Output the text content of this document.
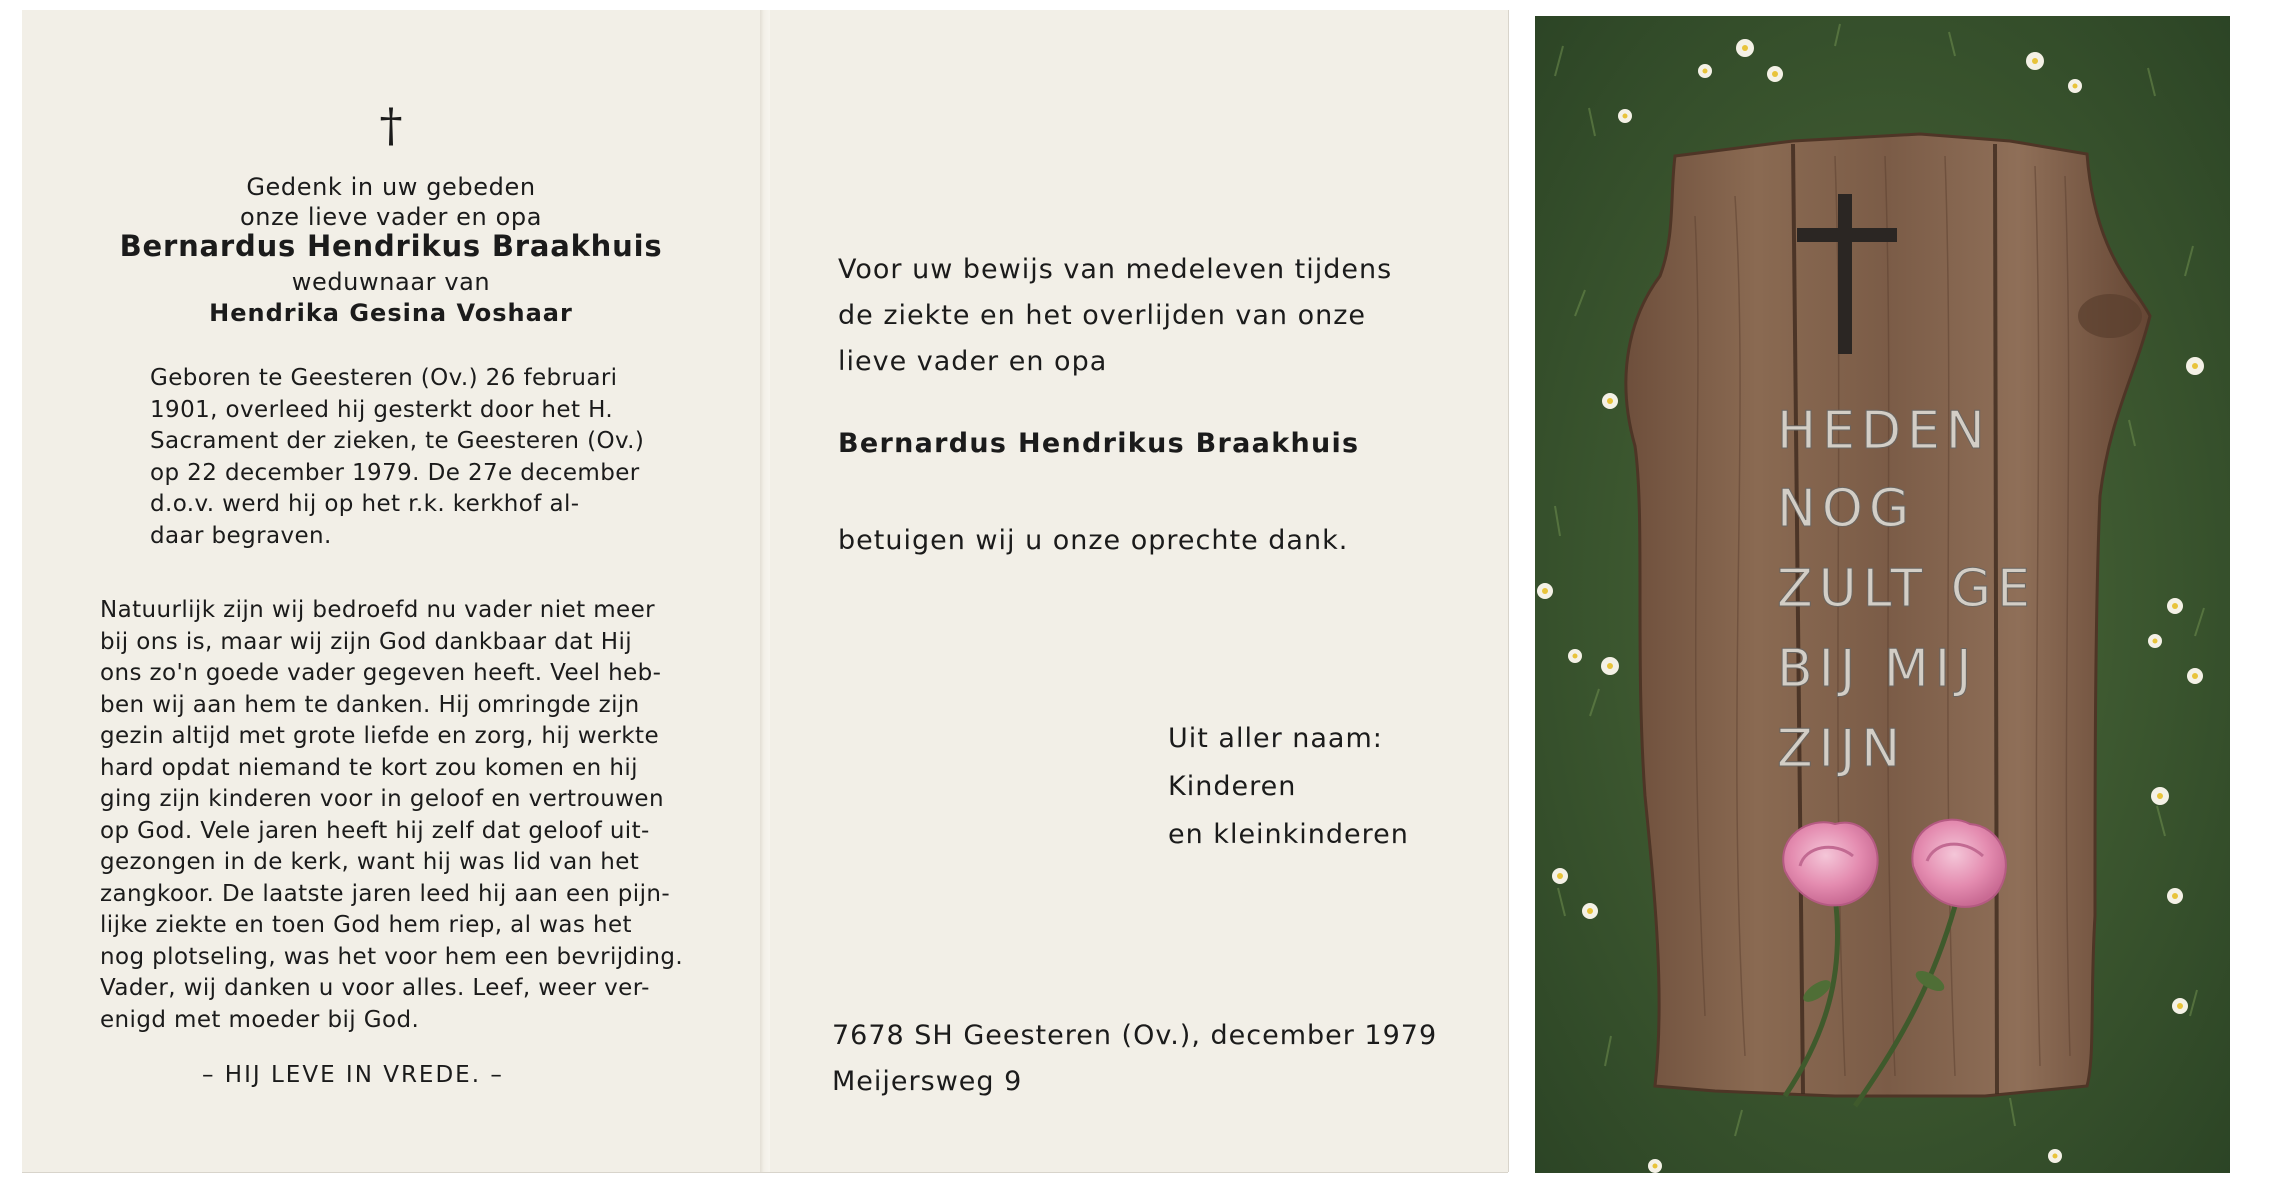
†
Gedenk in uw gebeden
onze lieve vader en opa
Bernardus Hendrikus Braakhuis
weduwnaar van
Hendrika Gesina Voshaar
Geboren te Geesteren (Ov.) 26 februari
1901, overleed hij gesterkt door het H.
Sacrament der zieken, te Geesteren (Ov.)
op 22 december 1979. De 27e december
d.o.v. werd hij op het r.k. kerkhof al-
daar begraven.
Natuurlijk zijn wij bedroefd nu vader niet meer
bij ons is, maar wij zijn God dankbaar dat Hij
ons zo'n goede vader gegeven heeft. Veel heb-
ben wij aan hem te danken. Hij omringde zijn
gezin altijd met grote liefde en zorg, hij werkte
hard opdat niemand te kort zou komen en hij
ging zijn kinderen voor in geloof en vertrouwen
op God. Vele jaren heeft hij zelf dat geloof uit-
gezongen in de kerk, want hij was lid van het
zangkoor. De laatste jaren leed hij aan een pijn-
lijke ziekte en toen God hem riep, al was het
nog plotseling, was het voor hem een bevrijding.
Vader, wij danken u voor alles. Leef, weer ver-
enigd met moeder bij God.
– HIJ LEVE IN VREDE. –
Voor uw bewijs van medeleven tijdens
de ziekte en het overlijden van onze
lieve vader en opa
Bernardus Hendrikus Braakhuis
betuigen wij u onze oprechte dank.
Uit aller naam:
Kinderen
en kleinkinderen
7678 SH Geesteren (Ov.), december 1979
Meijersweg 9
HEDEN
NOG
ZULT GE
BIJ MIJ
ZIJN
